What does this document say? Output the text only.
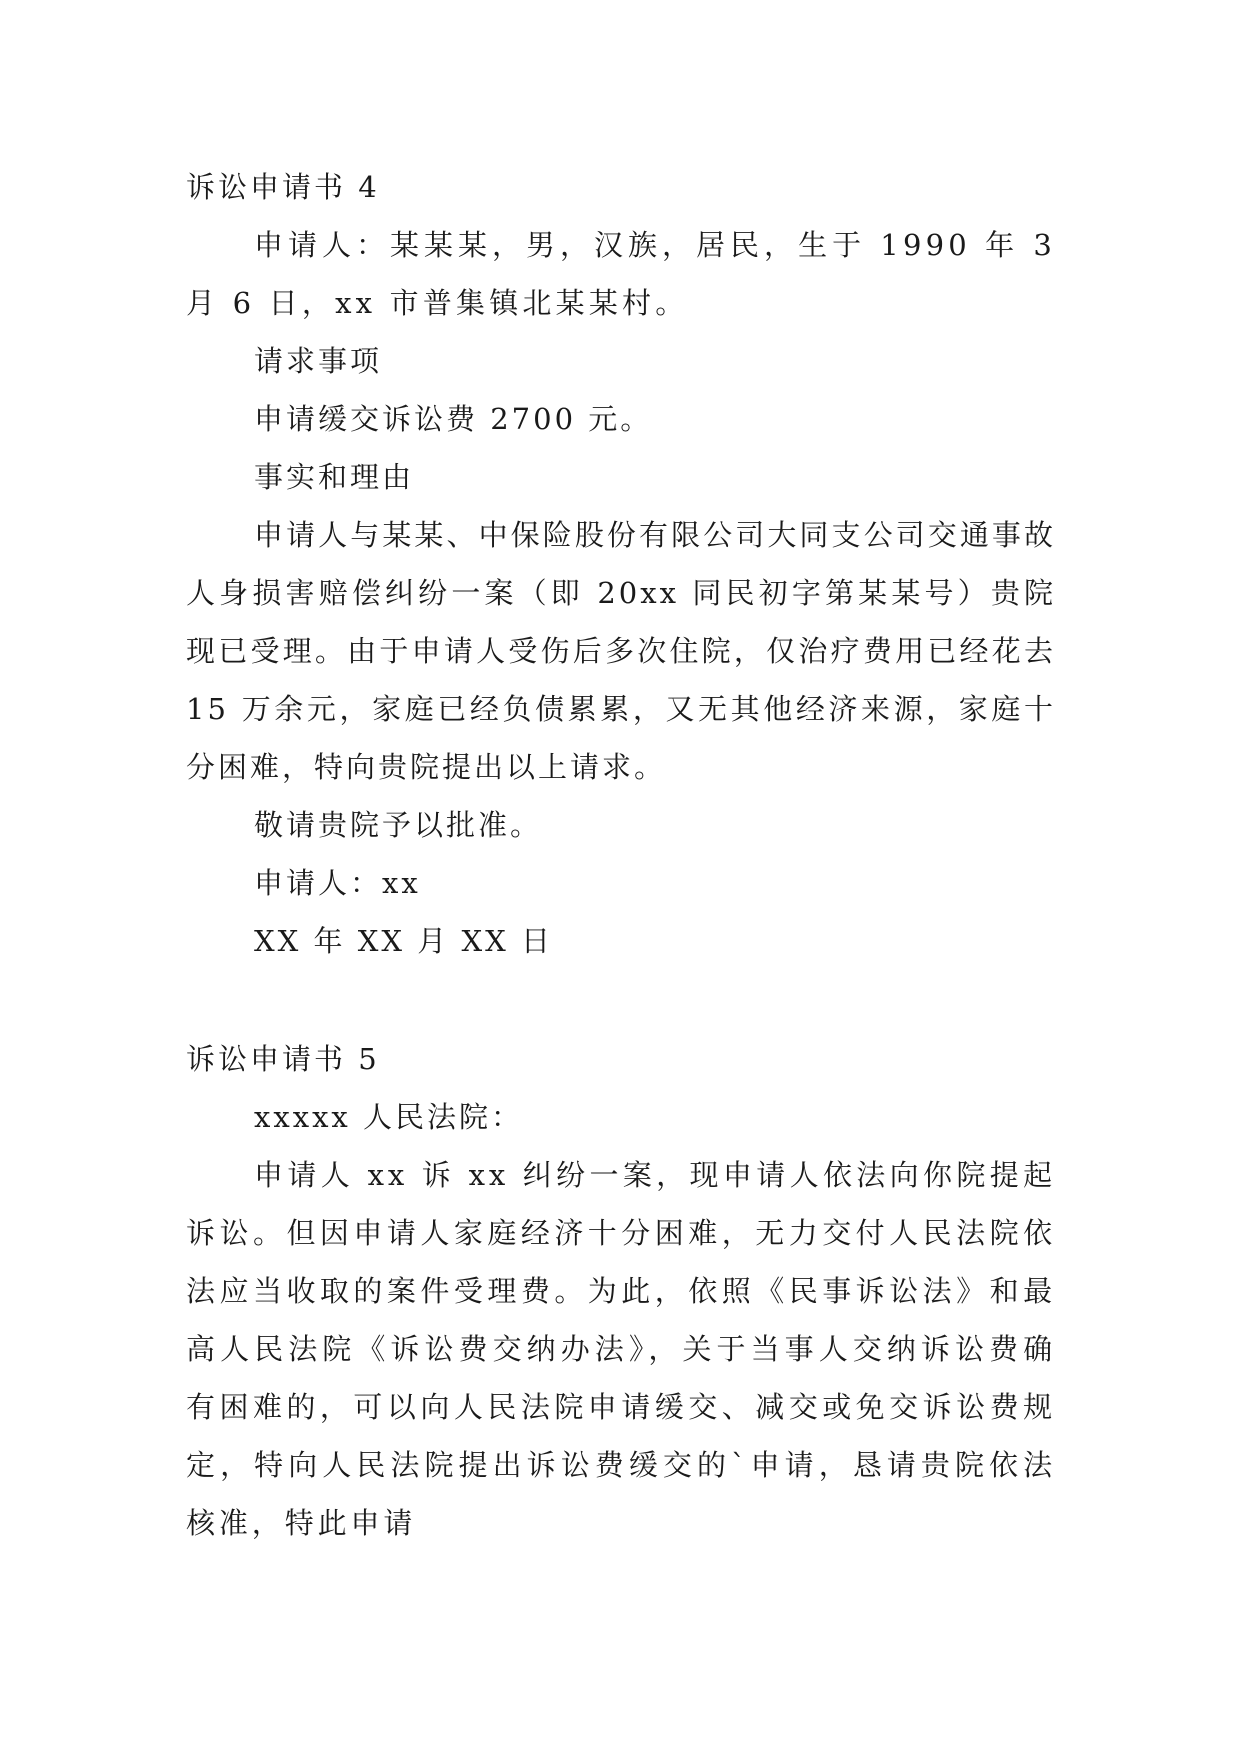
诉讼申请书 4

申请人：某某某，男，汉族，居民，生于 1990 年 3 月 6 日，xx 市普集镇北某某村。

请求事项

申请缓交诉讼费 2700 元。

事实和理由

申请人与某某、中保险股份有限公司大同支公司交通事故人身损害赔偿纠纷一案（即 20xx 同民初字第某某号）贵院现已受理。由于申请人受伤后多次住院，仅治疗费用已经花去 15 万余元，家庭已经负债累累，又无其他经济来源，家庭十分困难，特向贵院提出以上请求。

敬请贵院予以批准。

申请人：xx

XX 年 XX 月 XX 日

诉讼申请书 5

xxxxx 人民法院：

申请人 xx 诉 xx 纠纷一案，现申请人依法向你院提起诉讼。但因申请人家庭经济十分困难，无力交付人民法院依法应当收取的案件受理费。为此，依照《民事诉讼法》和最高人民法院《诉讼费交纳办法》，关于当事人交纳诉讼费确有困难的，可以向人民法院申请缓交、减交或免交诉讼费规定，特向人民法院提出诉讼费缓交的`申请，恳请贵院依法核准，特此申请
